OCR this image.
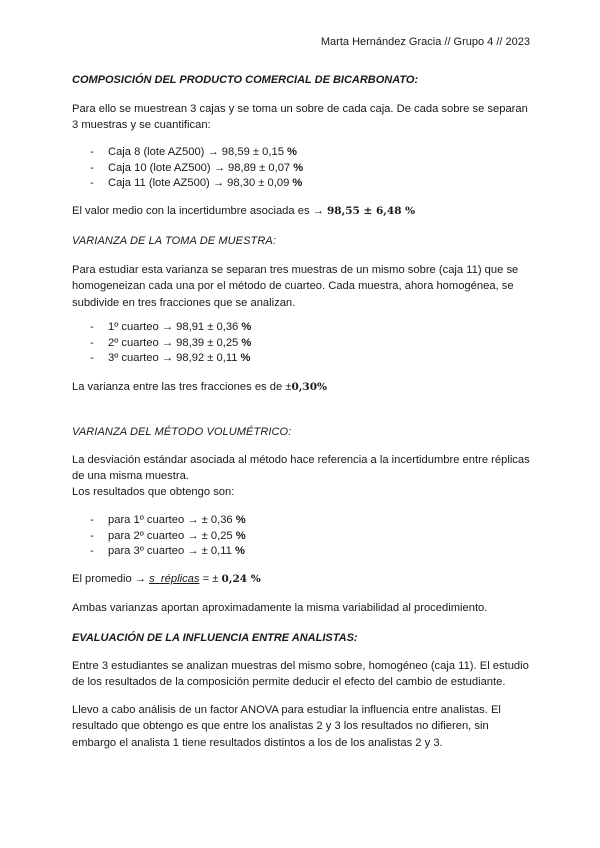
Marta Hernández Gracia // Grupo 4 // 2023
COMPOSICIÓN DEL PRODUCTO COMERCIAL DE BICARBONATO:
Para ello se muestrean 3 cajas y se toma un sobre de cada caja. De cada sobre se separan 3 muestras y se cuantifican:
- Caja 8 (lote AZ500) → 98,59 ± 0,15 %
- Caja 10 (lote AZ500) → 98,89 ± 0,07 %
- Caja 11 (lote AZ500) → 98,30 ± 0,09 %
El valor medio con la incertidumbre asociada es → 98,55 ± 6,48 %
VARIANZA DE LA TOMA DE MUESTRA:
Para estudiar esta varianza se separan tres muestras de un mismo sobre (caja 11) que se homogeneizan cada una por el método de cuarteo. Cada muestra, ahora homogénea, se subdivide en tres fracciones que se analizan.
- 1º cuarteo → 98,91 ± 0,36 %
- 2º cuarteo → 98,39 ± 0,25 %
- 3º cuarteo → 98,92 ± 0,11 %
La varianza entre las tres fracciones es de ±0,30%
VARIANZA DEL MÉTODO VOLUMÉTRICO:
La desviación estándar asociada al método hace referencia a la incertidumbre entre réplicas de una misma muestra.
Los resultados que obtengo son:
- para 1º cuarteo → ± 0,36 %
- para 2º cuarteo → ± 0,25 %
- para 3º cuarteo → ± 0,11 %
El promedio → s_réplicas = ± 0,24 %
Ambas varianzas aportan aproximadamente la misma variabilidad al procedimiento.
EVALUACIÓN DE LA INFLUENCIA ENTRE ANALISTAS:
Entre 3 estudiantes se analizan muestras del mismo sobre, homogéneo (caja 11). El estudio de los resultados de la composición permite deducir el efecto del cambio de estudiante.
Llevo a cabo análisis de un factor ANOVA para estudiar la influencia entre analistas. El resultado que obtengo es que entre los analistas 2 y 3 los resultados no difieren, sin embargo el analista 1 tiene resultados distintos a los de los analistas 2 y 3.
